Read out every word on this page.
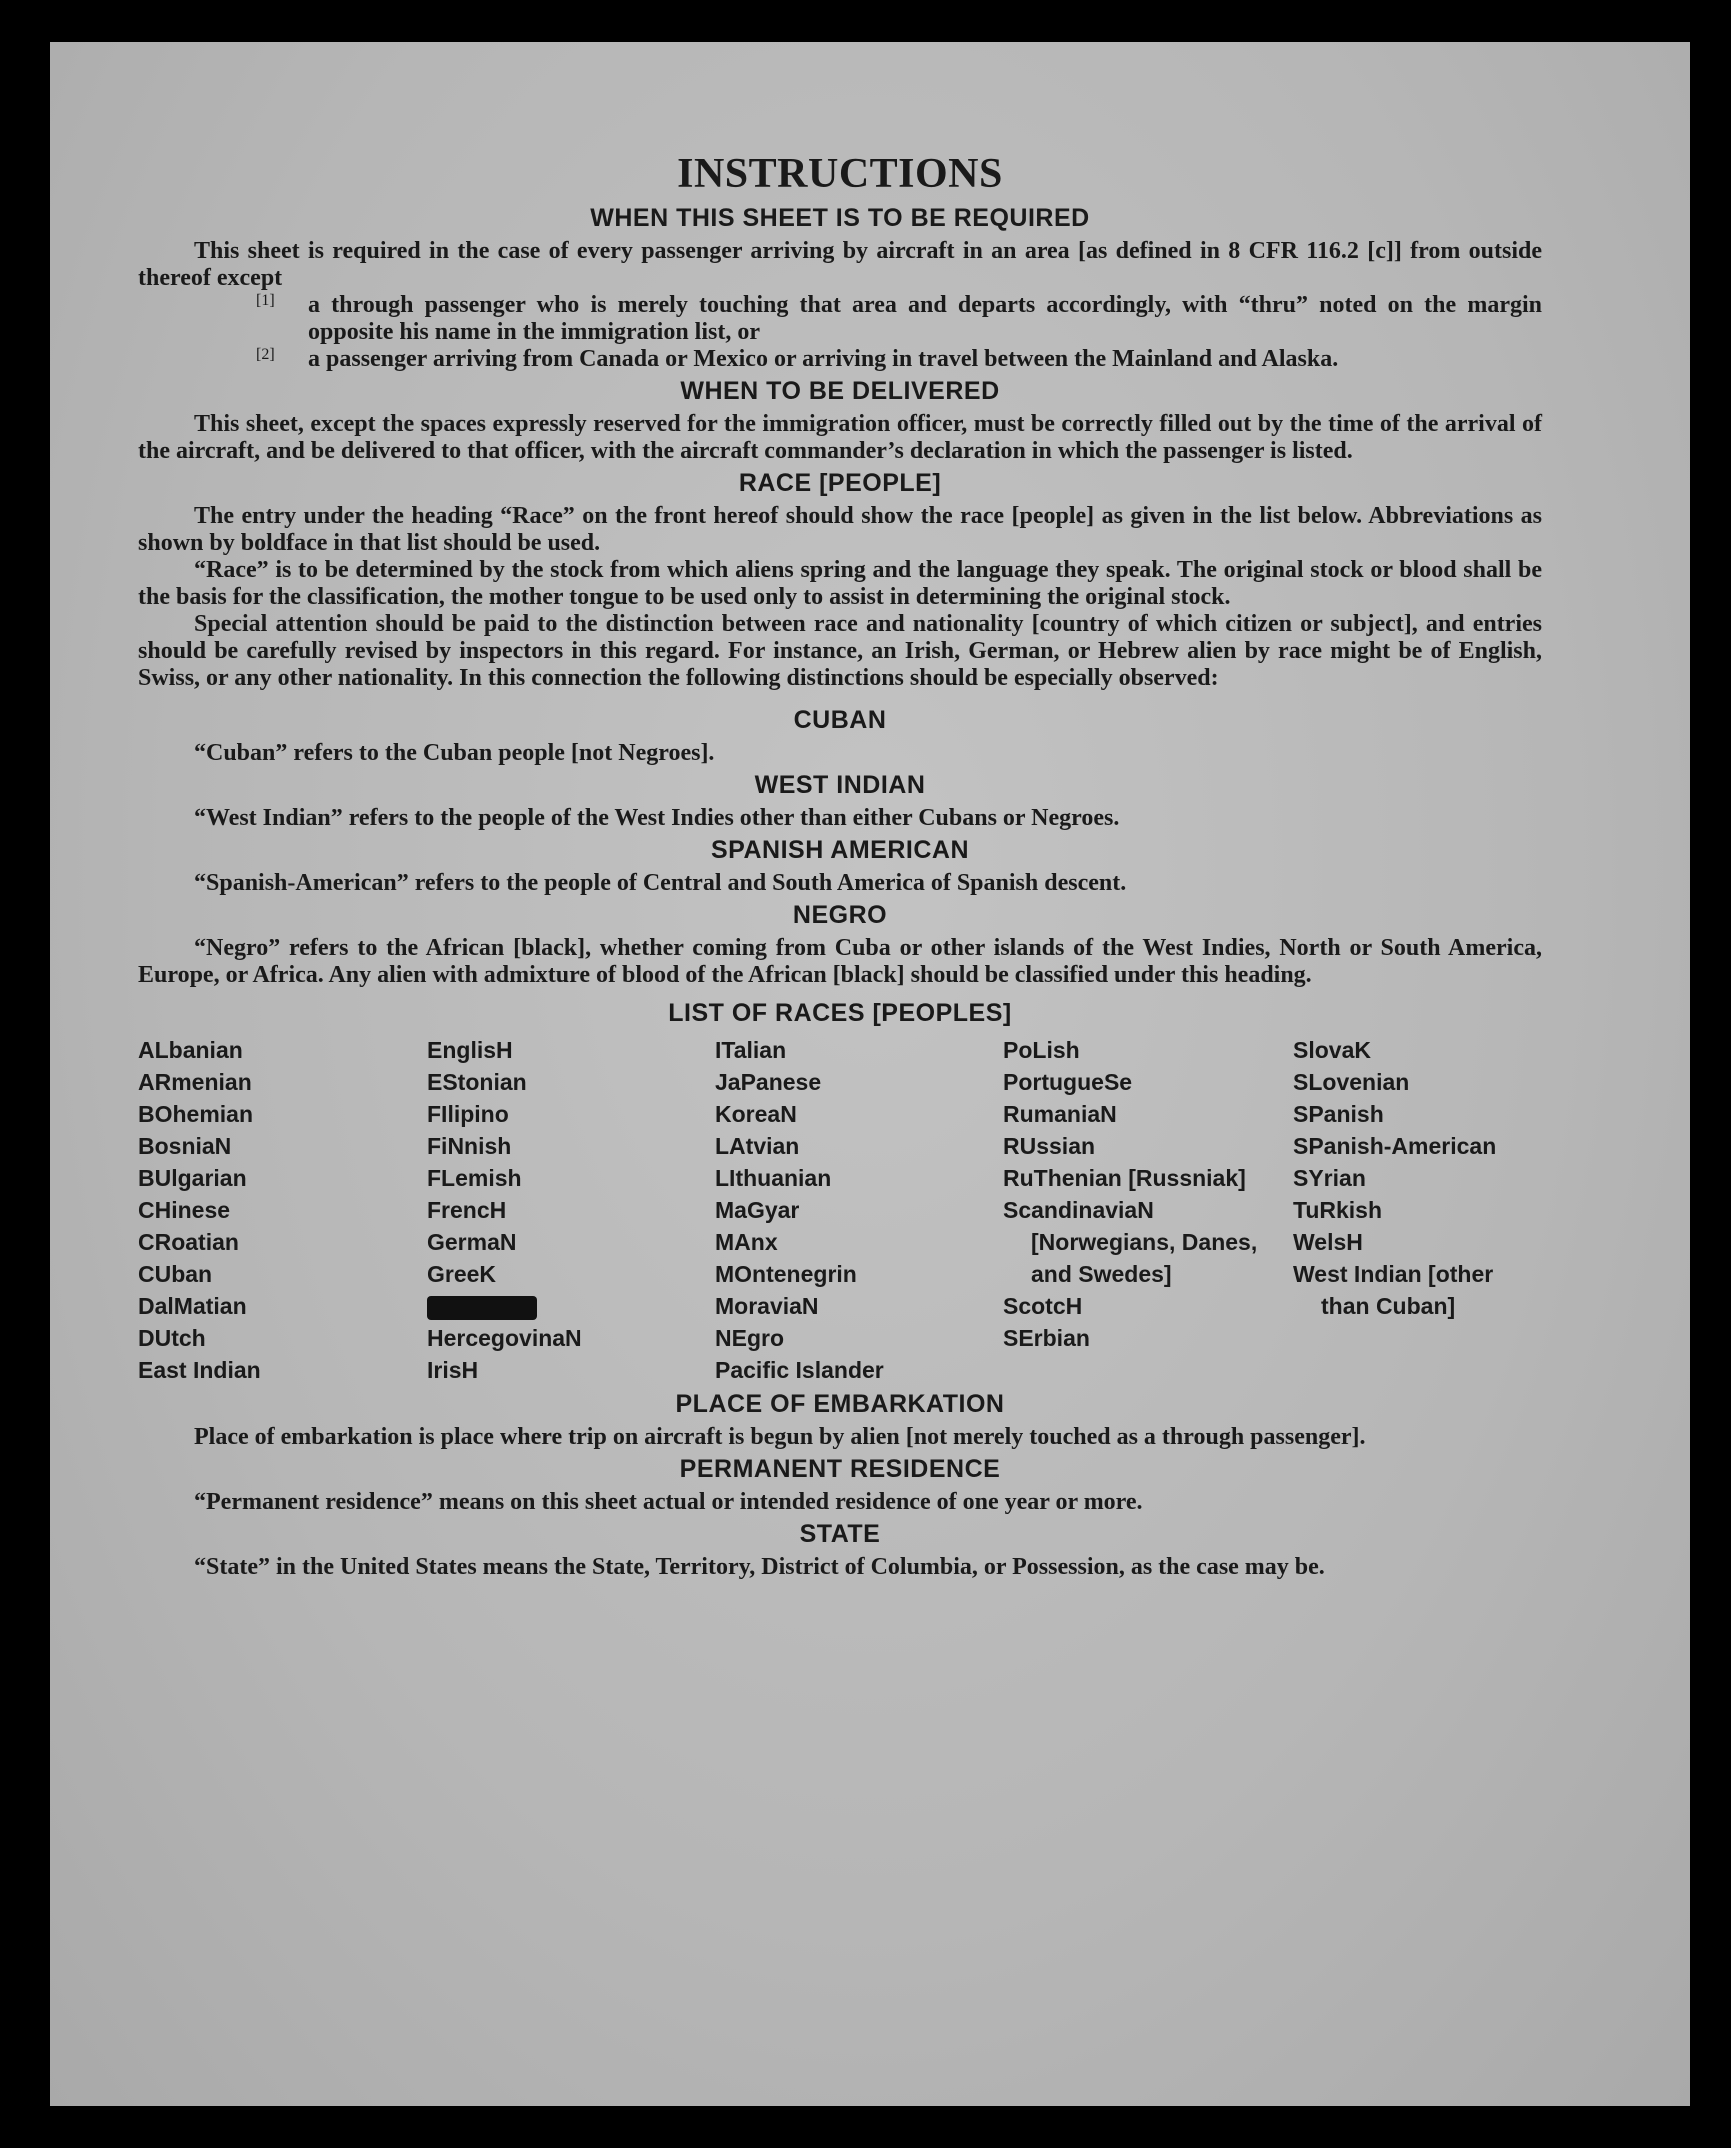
INSTRUCTIONS
WHEN THIS SHEET IS TO BE REQUIRED

This sheet is required in the case of every passenger arriving by aircraft in an area [as defined in 8 CFR 116.2 [c]] from outside thereof except

[1]	a through passenger who is merely touching that area and departs accordingly, with “thru” noted on the margin opposite his name in the immigration list, or

[2]	a passenger arriving from Canada or Mexico or arriving in travel between the Mainland and Alaska.

WHEN TO BE DELIVERED

This sheet, except the spaces expressly reserved for the immigration officer, must be correctly filled out by the time of the arrival of the aircraft, and be delivered to that officer, with the aircraft commander’s declaration in which the passenger is listed.

RACE [PEOPLE]

The entry under the heading “Race” on the front hereof should show the race [people] as given in the list below. Abbreviations as shown by boldface in that list should be used.

“Race” is to be determined by the stock from which aliens spring and the language they speak. The original stock or blood shall be the basis for the classification, the mother tongue to be used only to assist in determining the original stock.

Special attention should be paid to the distinction between race and nationality [country of which citizen or subject], and entries should be carefully revised by inspectors in this regard. For instance, an Irish, German, or Hebrew alien by race might be of English, Swiss, or any other nationality. In this connection the following distinctions should be especially observed:

CUBAN

“Cuban” refers to the Cuban people [not Negroes].

WEST INDIAN

“West Indian” refers to the people of the West Indies other than either Cubans or Negroes.

SPANISH AMERICAN

“Spanish-American” refers to the people of Central and South America of Spanish descent.

NEGRO

“Negro” refers to the African [black], whether coming from Cuba or other islands of the West Indies, North or South America, Europe, or Africa. Any alien with admixture of blood of the African [black] should be classified under this heading.

LIST OF RACES [PEOPLES]
ALbanian
ARmenian
BOhemian
BosniaN
BUlgarian
CHinese
CRoatian
CUban
DalMatian
DUtch
East Indian
EnglisH
EStonian
FIlipino
FiNnish
FLemish
FrencH
GermaN
GreeK
HercegovinaN
IrisH
ITalian
JaPanese
KoreaN
LAtvian
LIthuanian
MaGyar
MAnx
MOntenegrin
MoraviaN
NEgro
Pacific Islander
PoLish
PortugueSe
RumaniaN
RUssian
RuThenian [Russniak]
ScandinaviaN [Norwegians, Danes, and Swedes]
ScotcH
SErbian
SlovaK
SLovenian
SPanish
SPanish-American
SYrian
TuRkish
WelsH
West Indian [other than Cuban]
PLACE OF EMBARKATION

Place of embarkation is place where trip on aircraft is begun by alien [not merely touched as a through passenger].

PERMANENT RESIDENCE

“Permanent residence” means on this sheet actual or intended residence of one year or more.

STATE

“State” in the United States means the State, Territory, District of Columbia, or Possession, as the case may be.
